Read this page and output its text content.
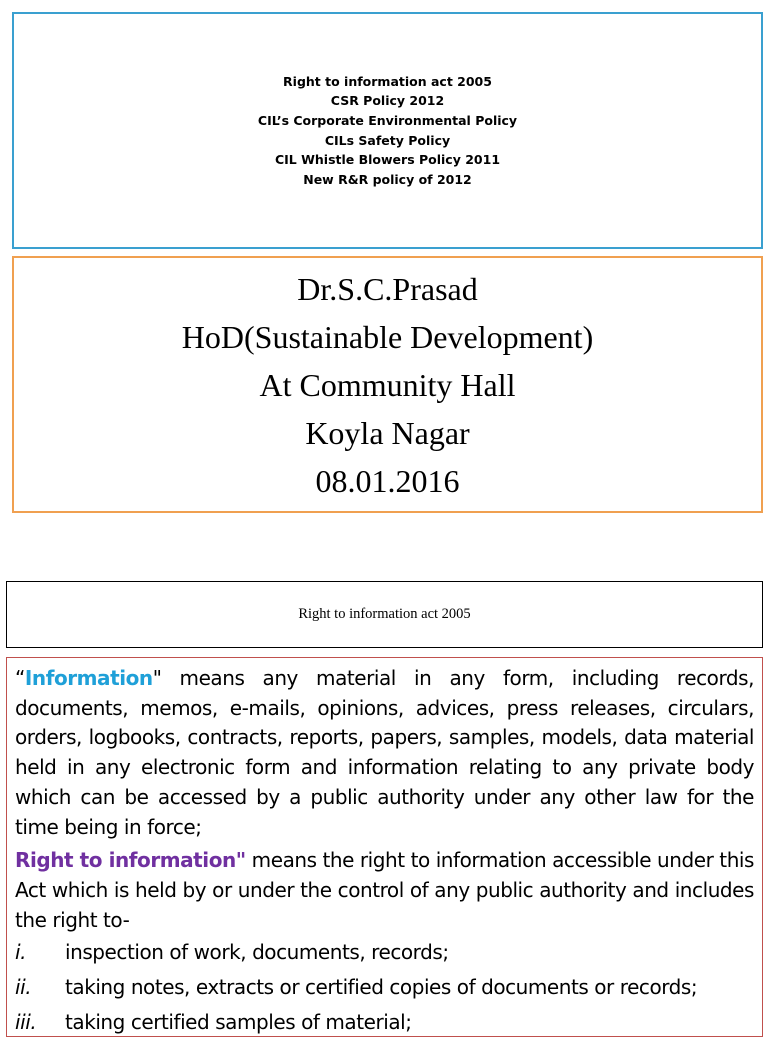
Right to information act 2005
CSR Policy 2012
CIL’s Corporate Environmental Policy
CILs Safety Policy
CIL Whistle Blowers Policy 2011
New R&R policy of 2012
Dr.S.C.Prasad
HoD(Sustainable Development)
At Community Hall
Koyla Nagar
08.01.2016
Right to information act 2005

“Information" means any material in any form, including records, documents, memos, e-mails, opinions, advices, press releases, circulars, orders, logbooks, contracts, reports, papers, samples, models, data material held in any electronic form and information relating to any private body which can be accessed by a public authority under any other law for the time being in force;

Right to information" means the right to information accessible under this Act which is held by or under the control of any public authority and includes the right to-

i.	inspection of work, documents, records;
ii.	taking notes, extracts or certified copies of documents or records;
iii.	taking certified samples of material;
